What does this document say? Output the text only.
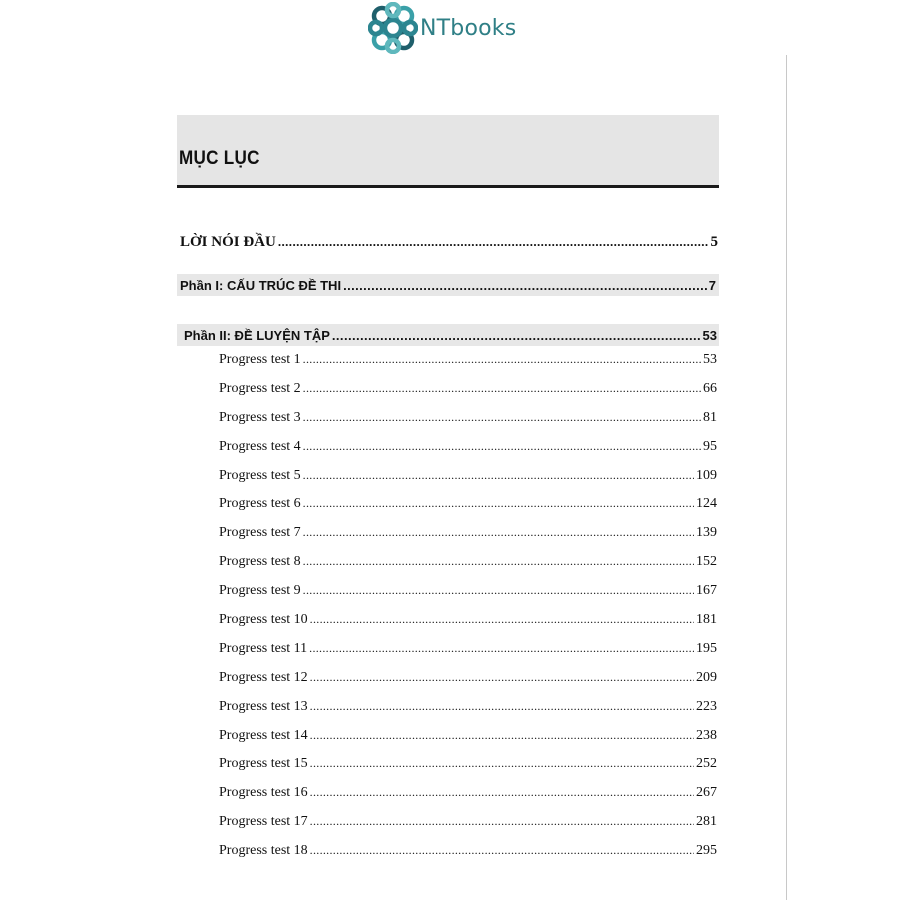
NTbooks
MỤC LỤC
LỜI NÓI ĐẦU .....	5
Phần I: CẤU TRÚC ĐỀ THI .....	7
Phần II: ĐỀ LUYỆN TẬP .....	53
Progress test 1 .....	53
Progress test 2 .....	66
Progress test 3 .....	81
Progress test 4 .....	95
Progress test 5 .....	109
Progress test 6 .....	124
Progress test 7 .....	139
Progress test 8 .....	152
Progress test 9 .....	167
Progress test 10 .....	181
Progress test 11 .....	195
Progress test 12 .....	209
Progress test 13 .....	223
Progress test 14 .....	238
Progress test 15 .....	252
Progress test 16 .....	267
Progress test 17 .....	281
Progress test 18 .....	295
